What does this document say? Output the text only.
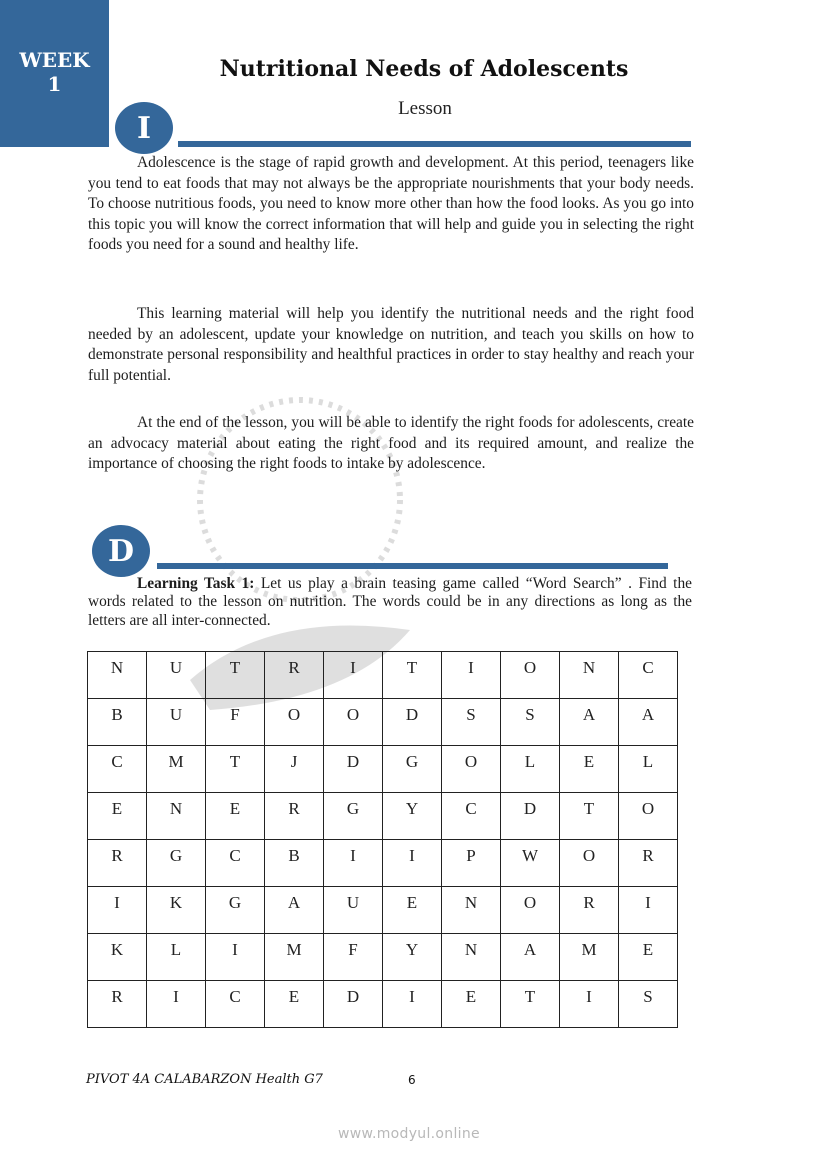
WEEK
1
Nutritional Needs of Adolescents
Lesson
I
Adolescence is the stage of rapid growth and development. At this period, teenagers like you tend to eat foods that may not always be the appropriate nourishments that your body needs. To choose nutritious foods, you need to know more other than how the food looks. As you go into this topic you will know the correct information that will help and guide you in selecting the right foods you need for a sound and healthy life.
This learning material will help you identify the nutritional needs and the right food needed by an adolescent, update your knowledge on nutrition, and teach you skills on how to demonstrate personal responsibility and healthful practices in order to stay healthy and reach your full potential.
At the end of the lesson, you will be able to identify the right foods for adolescents, create an advocacy material about eating the right food and its required amount, and realize the importance of choosing the right foods to intake by adolescence.
D
Learning Task 1: Let us play a brain teasing game called “Word Search” . Find the words related to the lesson on nutrition. The words could be in any directions as long as the letters are all inter-connected.
N	U	T	R	I	T	I	O	N	C
B	U	F	O	O	D	S	S	A	A
C	M	T	J	D	G	O	L	E	L
E	N	E	R	G	Y	C	D	T	O
R	G	C	B	I	I	P	W	O	R
I	K	G	A	U	E	N	O	R	I
K	L	I	M	F	Y	N	A	M	E
R	I	C	E	D	I	E	T	I	S
PIVOT 4A CALABARZON Health G7	6
www.modyul.online
